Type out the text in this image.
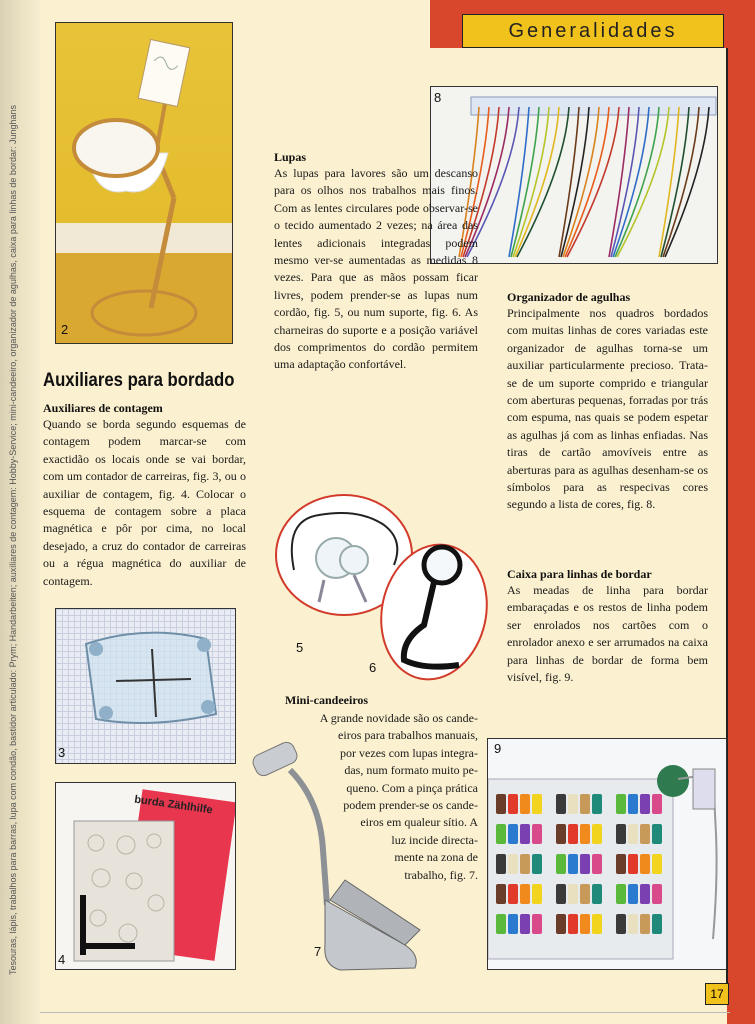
Generalidades
Tesouras, lápis, trabalhos para barras, lupa com condão, bastidor articulado: Prym; Handarbeiten; auxiliares de contagem: Hobby-Service; mini-candeeiro, organizador de agulhas, caixa para linhas de bordar: Junghans	2
8
Auxiliares para bordado
Auxiliares de contagem
Quando se borda segundo esquemas de contagem podem marcar-se com exactidão os locais onde se vai bordar, com um contador de carreiras, fig. 3, ou o auxiliar de contagem, fig. 4. Colocar o esquema de contagem sobre a placa magnética e pôr por cima, no local desejado, a cruz do contador de carreiras ou a régua magnética do auxiliar de contagem.
Lupas
As lupas para lavores são um descanso para os olhos nos trabalhos mais finos. Com as lentes circulares pode observar-se o tecido aumentado 2 vezes; na área das lentes adicionais integradas podem mesmo ver-se aumentadas as medidas 8 vezes. Para que as mãos possam ficar livres, podem prender-se as lupas num cordão, fig. 5, ou num suporte, fig. 6. As charneiras do suporte e a posição variável dos comprimentos do cordão permitem uma adaptação confortável.
Organizador de agulhas
Principalmente nos quadros bordados com muitas linhas de cores variadas este organizador de agulhas torna-se um auxiliar particularmente precioso. Trata-se de um suporte comprido e triangular com aberturas pequenas, forradas por trás com espuma, nas quais se podem espetar as agulhas já com as linhas enfiadas. Nas tiras de cartão amovíveis entre as aberturas para as agulhas desenham-se os símbolos para as respecivas cores segundo a lista de cores, fig. 8.
Caixa para linhas de bordar
As meadas de linha para bordar embaraçadas e os restos de linha podem ser enrolados nos cartões com o enrolador anexo e ser arrumados na caixa para linhas de bordar de forma bem visível, fig. 9.
3
burda Zählhilfe
4
5
6
Mini-candeeiros

A grande novidade são os cande-

eiros para trabalhos manuais,

por vezes com lupas integra-

das, num formato muito pe-

queno. Com a pinça prática

podem prender-se os cande-

eiros em qualeur sítio. A

luz incide directa-

mente na zona de

trabalho, fig. 7.

7
9
17
